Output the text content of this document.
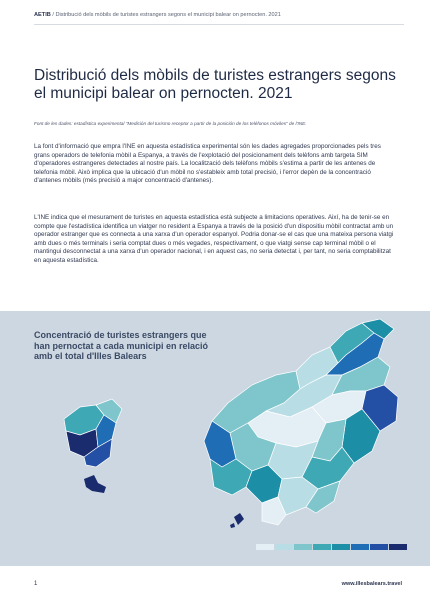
AETIB / Distribució dels mòbils de turistes estrangers segons el municipi balear on pernocten. 2021
Distribució dels mòbils de turistes estrangers segons el municipi balear on pernocten. 2021
Font de les dades: estadística experimental "Medición del turismo receptor a partir de la posición de los teléfonos móviles" de l'INE.
La font d'informació que empra l'INE en aquesta estadística experimental són les dades agregades proporcionades pels tres grans operadors de telefonia mòbil a Espanya, a través de l'explotació del posicionament dels telèfons amb targeta SIM d'operadores estrangeres detectades al nostre país. La localització dels telèfons mòbils s'estima a partir de les antenes de telefonia mòbil. Això implica que la ubicació d'un mòbil no s'estableix amb total precisió, i l'error depèn de la concentració d'antenes mòbils (més precisió a major concentració d'antenes).
L'INE indica que el mesurament de turistes en aquesta estadística està subjecte a limitacions operatives. Així, ha de tenir-se en compte que l'estadística identifica un viatger no resident a Espanya a través de la posició d'un dispositiu mòbil contractat amb un operador estranger que es connecta a una xarxa d'un operador espanyol. Podria donar-se el cas que una mateixa persona viatgi amb dues o més terminals i seria comptat dues o més vegades, respectivament, o que viatgi sense cap terminal mòbil o el mantingui desconnectat a una xarxa d'un operador nacional, i en aquest cas, no seria detectat i, per tant, no seria comptabilitzat en aquesta estadística.
Concentració de turistes estrangers que han pernoctat a cada municipi en relació amb el total d'Illes Balears
1	www.illesbalears.travel
